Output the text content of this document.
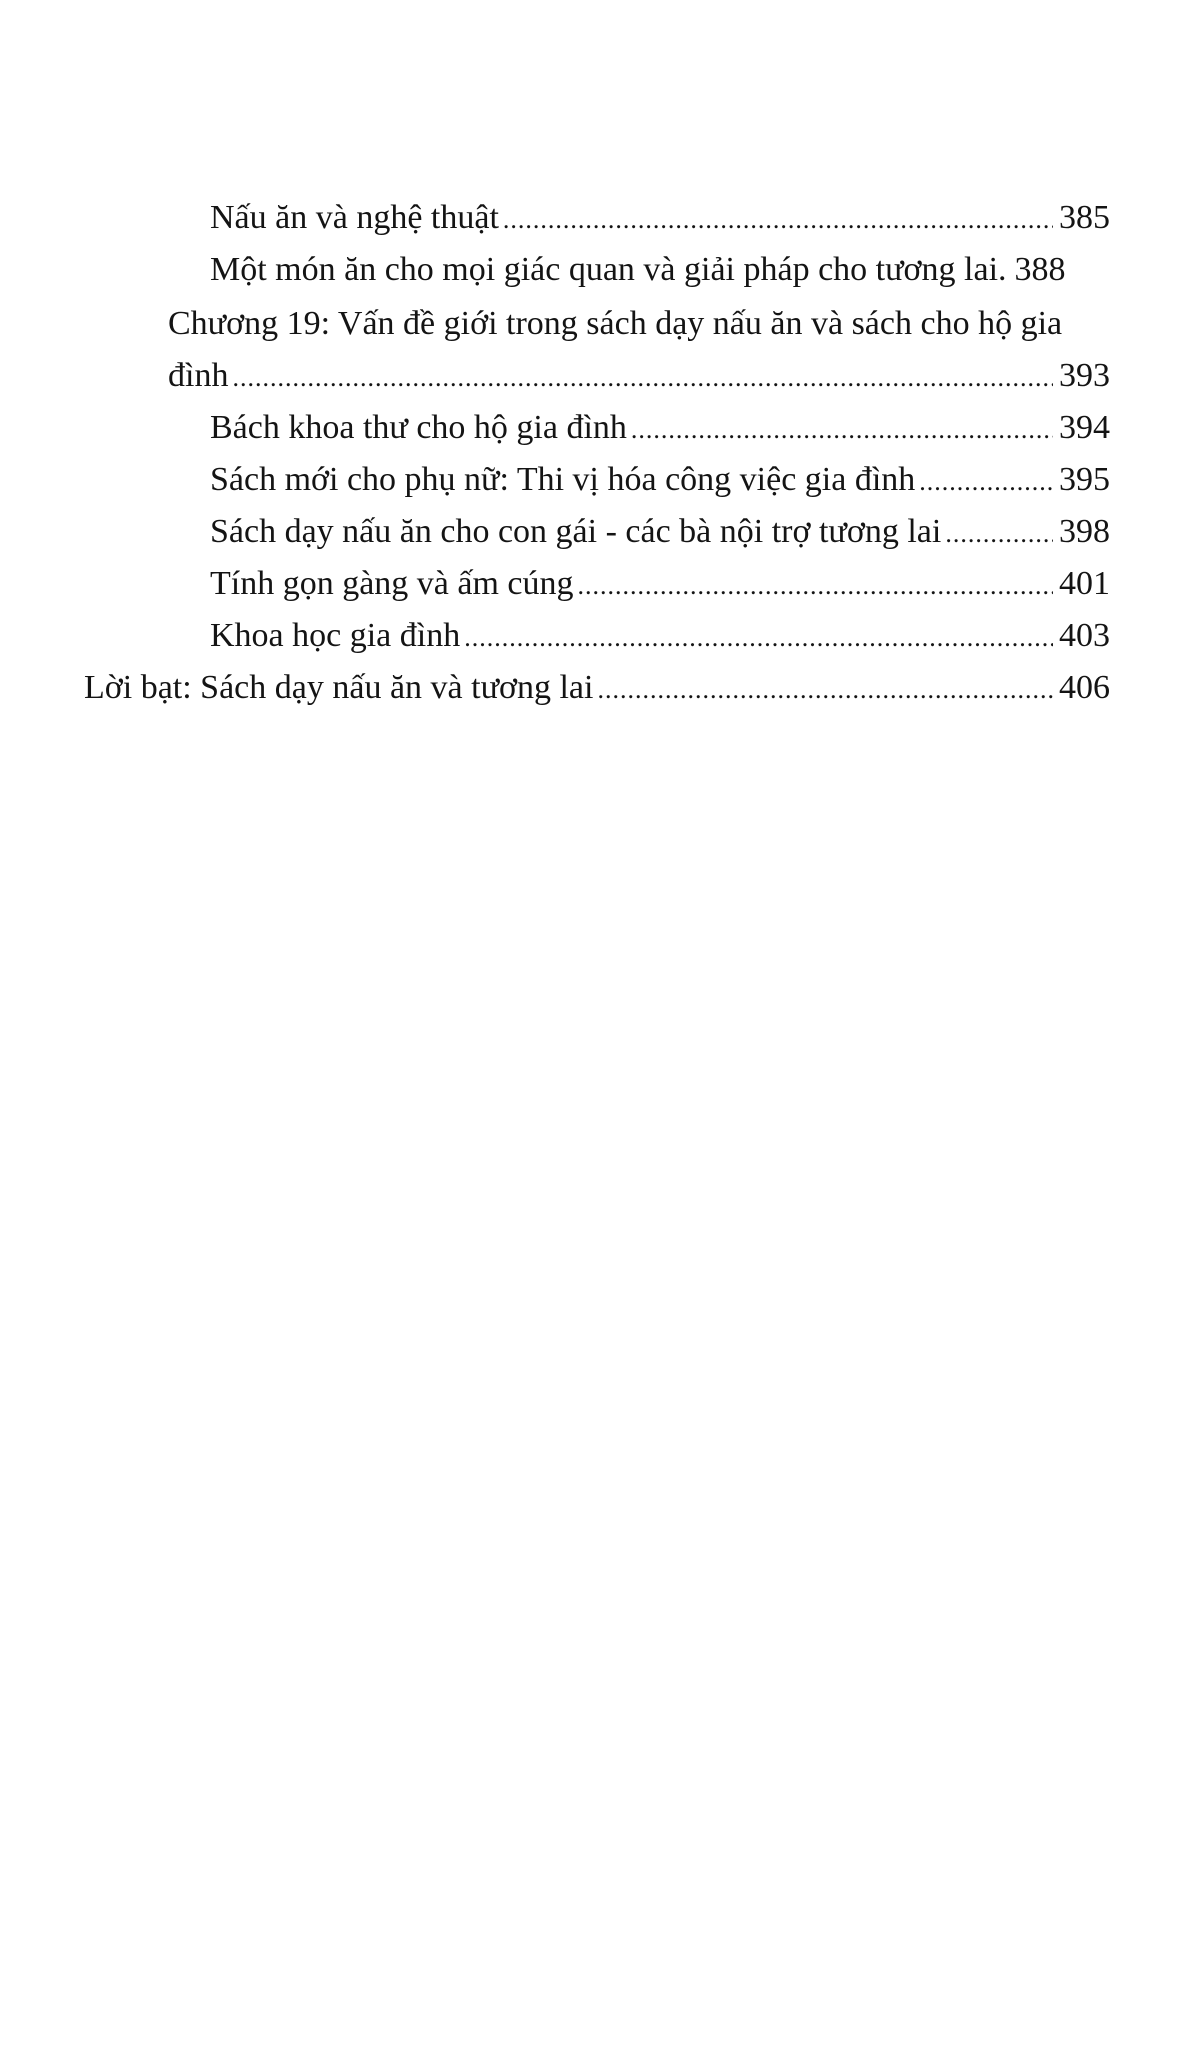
Nấu ăn và nghệ thuật .....	385
Một món ăn cho mọi giác quan và giải pháp cho tương lai. 388
Chương 19: Vấn đề giới trong sách dạy nấu ăn và sách cho hộ gia
đình .....	393
Bách khoa thư cho hộ gia đình .....	394
Sách mới cho phụ nữ: Thi vị hóa công việc gia đình .....	395
Sách dạy nấu ăn cho con gái - các bà nội trợ tương lai .....	398
Tính gọn gàng và ấm cúng .....	401
Khoa học gia đình .....	403
Lời bạt: Sách dạy nấu ăn và tương lai .....	406
